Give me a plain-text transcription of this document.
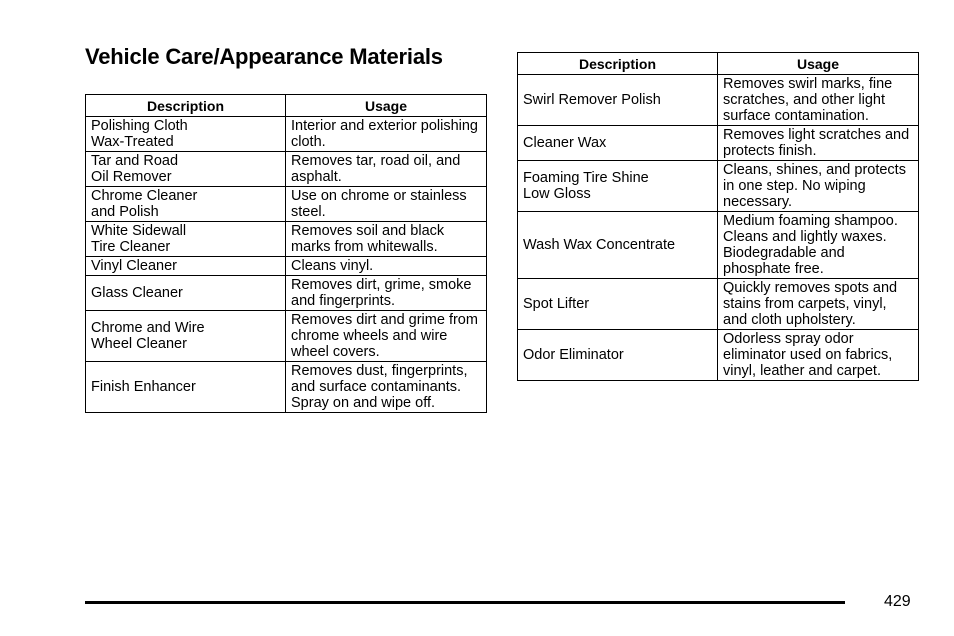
Vehicle Care/Appearance Materials
Description	Usage
Polishing Cloth
Wax-Treated	Interior and exterior polishing cloth.
Tar and Road
Oil Remover	Removes tar, road oil, and asphalt.
Chrome Cleaner
and Polish	Use on chrome or stainless steel.
White Sidewall
Tire Cleaner	Removes soil and black marks from whitewalls.
Vinyl Cleaner	Cleans vinyl.
Glass Cleaner	Removes dirt, grime, smoke and fingerprints.
Chrome and Wire
Wheel Cleaner	Removes dirt and grime from chrome wheels and wire wheel covers.
Finish Enhancer	Removes dust, fingerprints, and surface contaminants. Spray on and wipe off.
Description	Usage
Swirl Remover Polish	Removes swirl marks, fine scratches, and other light surface contamination.
Cleaner Wax	Removes light scratches and protects finish.
Foaming Tire Shine
Low Gloss	Cleans, shines, and protects in one step. No wiping necessary.
Wash Wax Concentrate	Medium foaming shampoo. Cleans and lightly waxes. Biodegradable and phosphate free.
Spot Lifter	Quickly removes spots and stains from carpets, vinyl, and cloth upholstery.
Odor Eliminator	Odorless spray odor eliminator used on fabrics, vinyl, leather and carpet.
429
